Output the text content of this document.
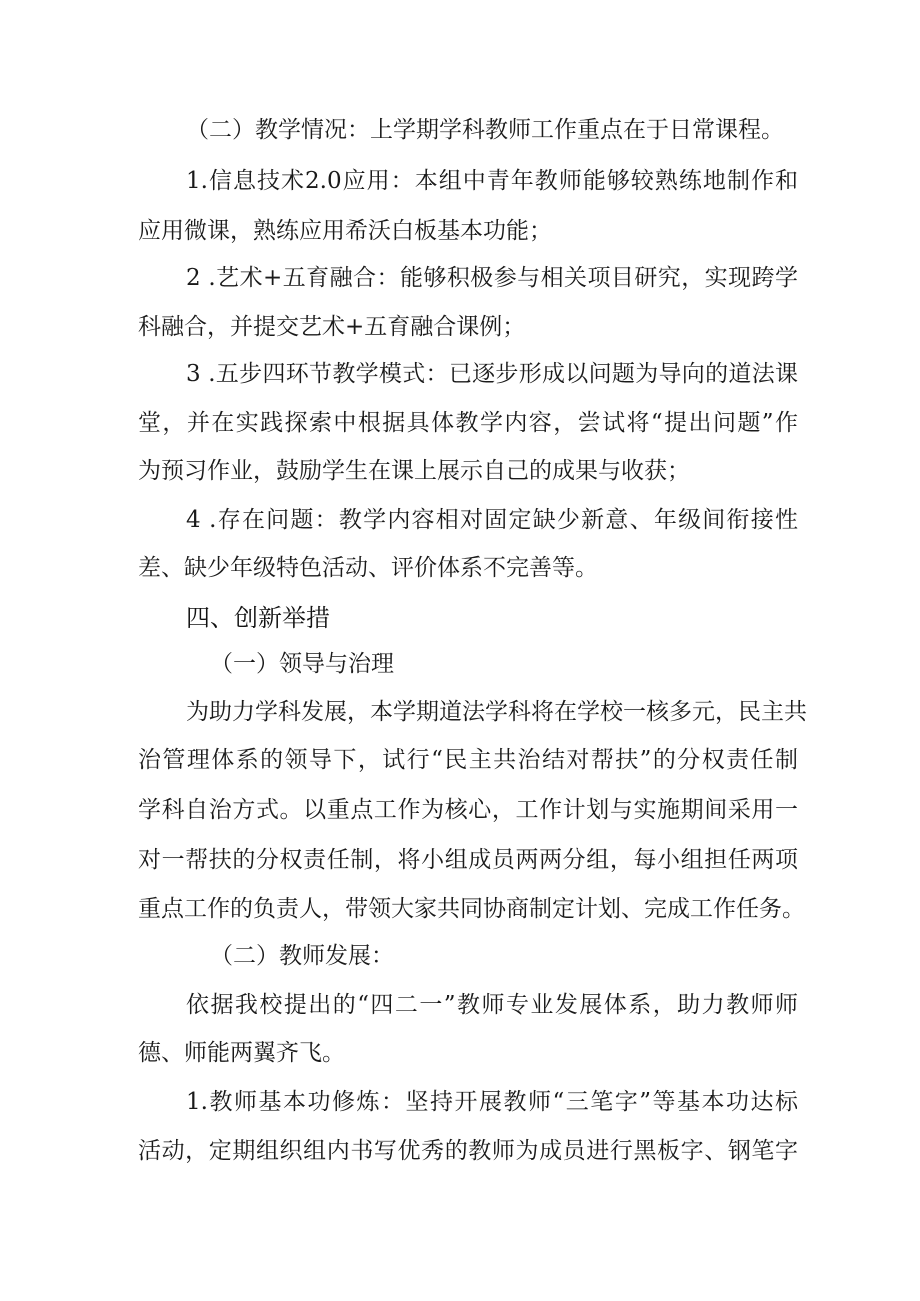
（二）教学情况：上学期学科教师工作重点在于日常课程。
1.信息技术2.0应用：本组中青年教师能够较熟练地制作和
应用微课，熟练应用希沃白板基本功能；
2 .艺术+五育融合：能够积极参与相关项目研究，实现跨学
科融合，并提交艺术+五育融合课例；
3 .五步四环节教学模式：已逐步形成以问题为导向的道法课
堂，并在实践探索中根据具体教学内容，尝试将“提出问题”作
为预习作业，鼓励学生在课上展示自己的成果与收获；
4 .存在问题：教学内容相对固定缺少新意、年级间衔接性
差、缺少年级特色活动、评价体系不完善等。
四、创新举措
（一）领导与治理
为助力学科发展，本学期道法学科将在学校一核多元，民主共
治管理体系的领导下，试行“民主共治结对帮扶”的分权责任制
学科自治方式。以重点工作为核心，工作计划与实施期间采用一
对一帮扶的分权责任制，将小组成员两两分组，每小组担任两项
重点工作的负责人，带领大家共同协商制定计划、完成工作任务。
（二）教师发展：
依据我校提出的“四二一”教师专业发展体系，助力教师师
德、师能两翼齐飞。
1.教师基本功修炼：坚持开展教师“三笔字”等基本功达标
活动，定期组织组内书写优秀的教师为成员进行黑板字、钢笔字
